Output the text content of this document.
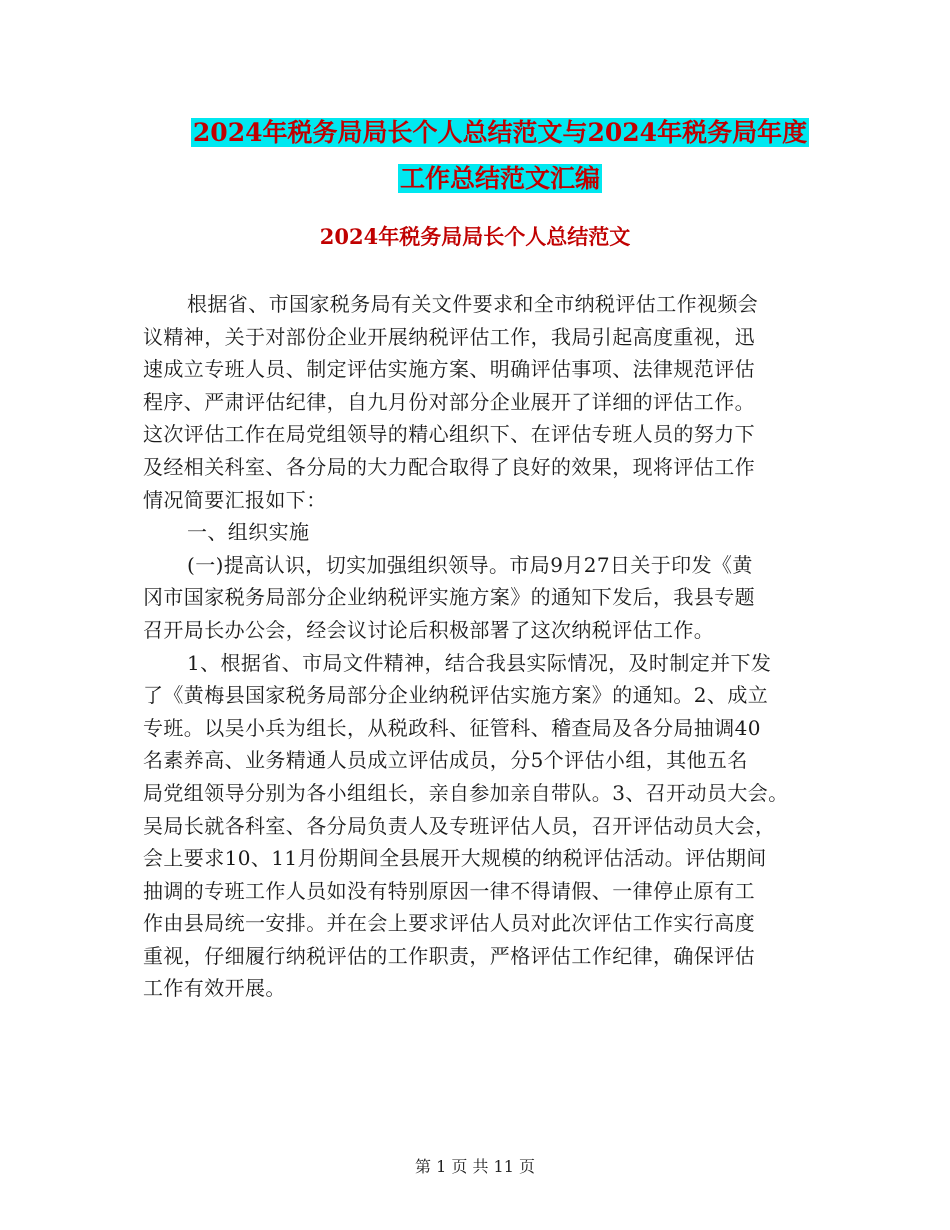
2024年税务局局长个人总结范文与2024年税务局年度
工作总结范文汇编
2024年税务局局长个人总结范文
根据省、市国家税务局有关文件要求和全市纳税评估工作视频会
议精神，关于对部份企业开展纳税评估工作，我局引起高度重视，迅
速成立专班人员、制定评估实施方案、明确评估事项、法律规范评估
程序、严肃评估纪律，自九月份对部分企业展开了详细的评估工作。
这次评估工作在局党组领导的精心组织下、在评估专班人员的努力下
及经相关科室、各分局的大力配合取得了良好的效果，现将评估工作
情况简要汇报如下：
一、组织实施
(一)提高认识，切实加强组织领导。市局9月27日关于印发《黄
冈市国家税务局部分企业纳税评实施方案》的通知下发后，我县专题
召开局长办公会，经会议讨论后积极部署了这次纳税评估工作。
1、根据省、市局文件精神，结合我县实际情况，及时制定并下发
了《黄梅县国家税务局部分企业纳税评估实施方案》的通知。2、成立
专班。以吴小兵为组长，从税政科、征管科、稽查局及各分局抽调40
名素养高、业务精通人员成立评估成员，分5个评估小组，其他五名
局党组领导分别为各小组组长，亲自参加亲自带队。3、召开动员大会。
吴局长就各科室、各分局负责人及专班评估人员，召开评估动员大会，
会上要求10、11月份期间全县展开大规模的纳税评估活动。评估期间
抽调的专班工作人员如没有特别原因一律不得请假、一律停止原有工
作由县局统一安排。并在会上要求评估人员对此次评估工作实行高度
重视，仔细履行纳税评估的工作职责，严格评估工作纪律，确保评估
工作有效开展。
第 1 页 共 11 页
